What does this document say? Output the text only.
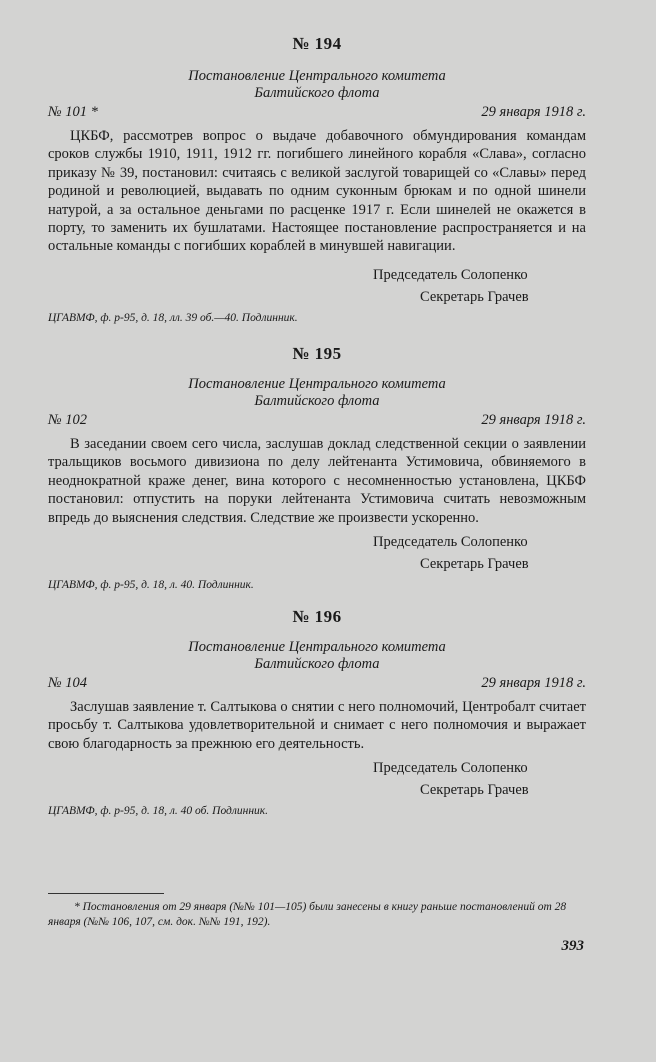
№ 194
Постановление Центрального комитета
Балтийского флота
№ 101 *	29 января 1918 г.

ЦКБФ, рассмотрев вопрос о выдаче добавочного обмундирования командам сроков службы 1910, 1911, 1912 гг. погибшего линейного корабля «Слава», согласно приказу № 39, постановил: считаясь с великой заслугой товарищей со «Славы» перед родиной и революцией, выдавать по одним суконным брюкам и по одной шинели натурой, а за остальное деньгами по расценке 1917 г. Если шинелей не окажется в порту, то заменить их бушлатами. Настоящее постановление распространяется и на остальные команды с погибших кораблей в минувшей навигации.

Председатель Солопенко
Секретарь Грачев
ЦГАВМФ, ф. р-95, д. 18, лл. 39 об.—40. Подлинник.
№ 195
Постановление Центрального комитета
Балтийского флота
№ 102	29 января 1918 г.

В заседании своем сего числа, заслушав доклад следственной секции о заявлении тральщиков восьмого дивизиона по делу лейтенанта Устимовича, обвиняемого в неоднократной краже денег, вина которого с несомненностью установлена, ЦКБФ постановил: отпустить на поруки лейтенанта Устимовича считать невозможным впредь до выяснения следствия. Следствие же произвести ускоренно.

Председатель Солопенко
Секретарь Грачев
ЦГАВМФ, ф. р-95, д. 18, л. 40. Подлинник.
№ 196
Постановление Центрального комитета
Балтийского флота
№ 104	29 января 1918 г.

Заслушав заявление т. Салтыкова о снятии с него полномочий, Центробалт считает просьбу т. Салтыкова удовлетворительной и снимает с него полномочия и выражает свою благодарность за прежнюю его деятельность.

Председатель Солопенко
Секретарь Грачев
ЦГАВМФ, ф. р-95, д. 18, л. 40 об. Подлинник.
* Постановления от 29 января (№№ 101—105) были занесены в книгу раньше постановлений от 28 января (№№ 106, 107, см. док. №№ 191, 192).
393
